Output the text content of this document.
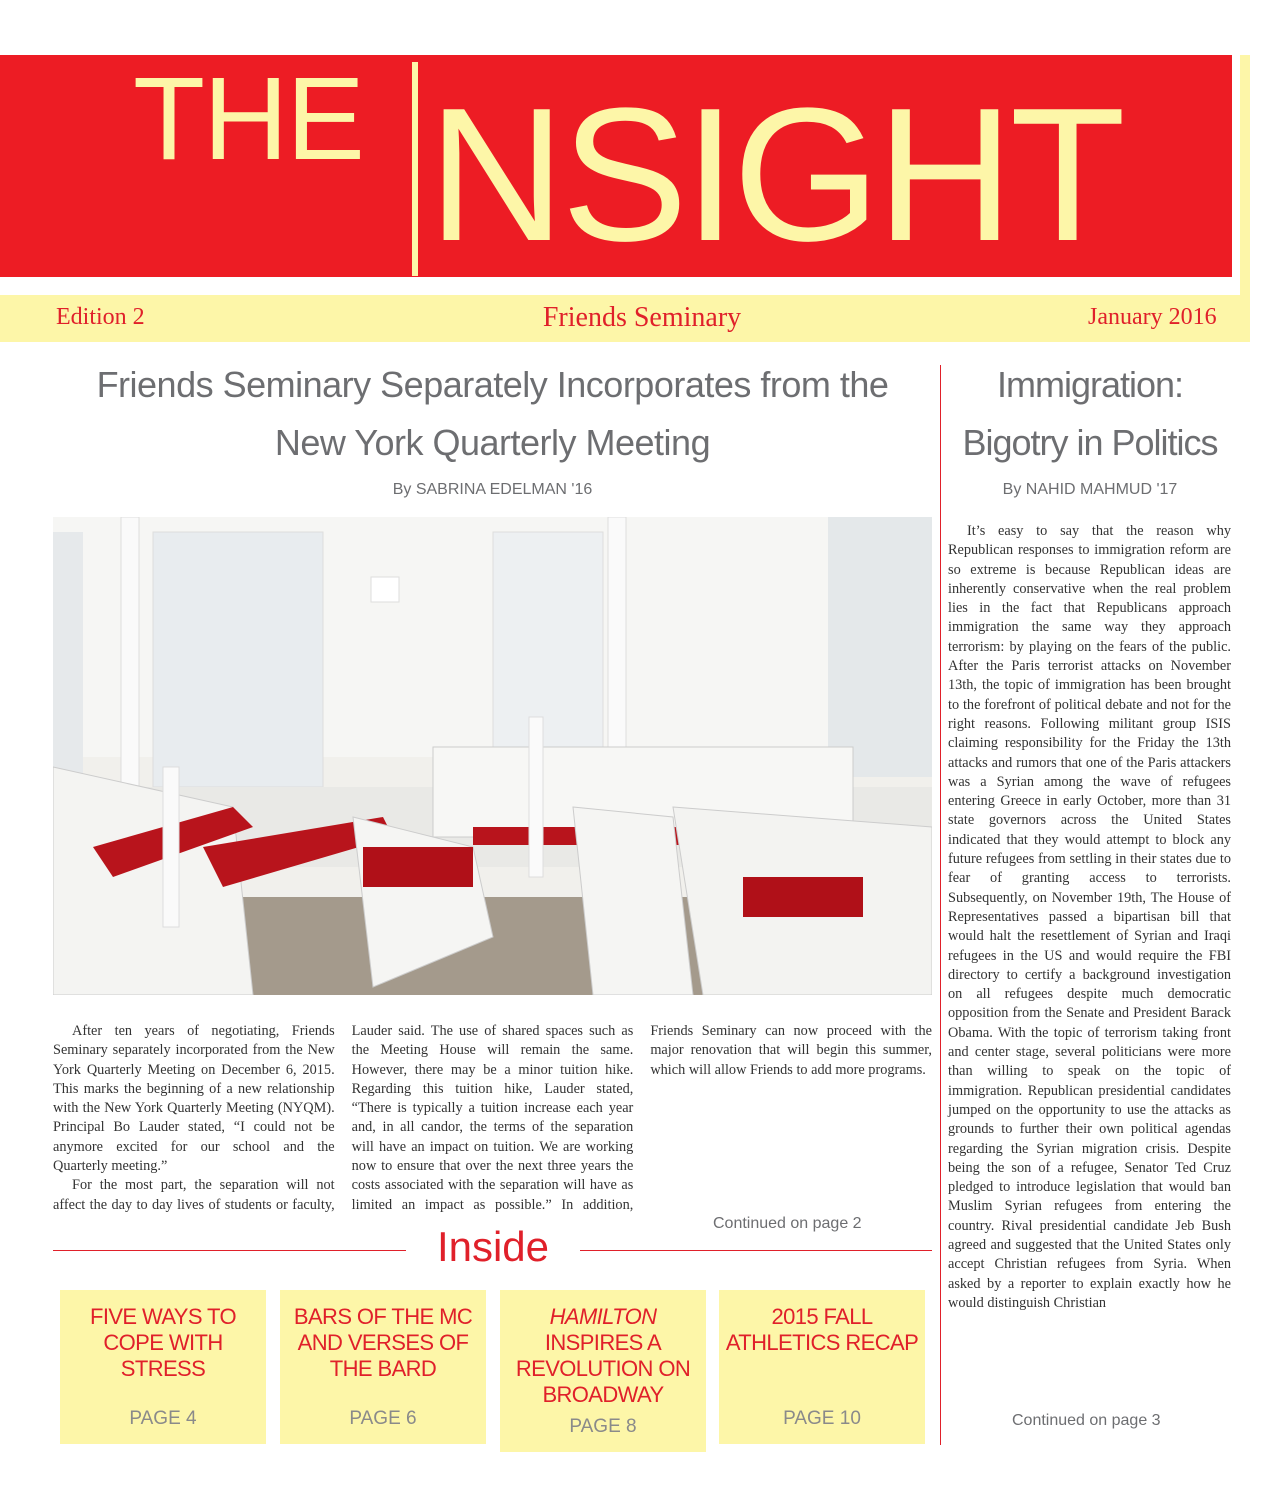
THE NSIGHT
Edition 2	Friends Seminary	January 2016
Friends Seminary Separately Incorporates from the
New York Quarterly Meeting
By SABRINA EDELMAN '16

After ten years of negotiating, Friends Seminary separately incorporated from the New York Quarterly Meeting on December 6, 2015. This marks the beginning of a new relationship with the New York Quarterly Meeting (NYQM). Principal Bo Lauder stated, “I could not be anymore excited for our school and the Quarterly meeting.”

For the most part, the separation will not affect the day to day lives of students or faculty, Lauder said. The use of shared spaces such as the Meeting House will remain the same. However, there may be a minor tuition hike. Regarding this tuition hike, Lauder stated, “There is typically a tuition increase each year and, in all candor, the terms of the separation will have an impact on tuition. We are working now to ensure that over the next three years the costs associated with the separation will have as limited an impact as possible.” In addition, Friends Seminary can now proceed with the major renovation that will begin this summer, which will allow Friends to add more programs.

Continued on page 2
Inside
FIVE WAYS TO COPE WITH STRESS
PAGE 4
BARS OF THE MC AND VERSES OF THE BARD
PAGE 6
HAMILTON INSPIRES A REVOLUTION ON BROADWAY
PAGE 8
2015 FALL ATHLETICS RECAP
PAGE 10
Immigration:
Bigotry in Politics
By NAHID MAHMUD '17

It’s easy to say that the reason why Republican responses to immigration reform are so extreme is because Republican ideas are inherently conservative when the real problem lies in the fact that Republicans approach immigration the same way they approach terrorism: by playing on the fears of the public. After the Paris terrorist attacks on November 13th, the topic of immigration has been brought to the forefront of political debate and not for the right reasons. Following militant group ISIS claiming responsibility for the Friday the 13th attacks and rumors that one of the Paris attackers was a Syrian among the wave of refugees entering Greece in early October, more than 31 state governors across the United States indicated that they would attempt to block any future refugees from settling in their states due to fear of granting access to terrorists. Subsequently, on November 19th, The House of Representatives passed a bipartisan bill that would halt the resettlement of Syrian and Iraqi refugees in the US and would require the FBI directory to certify a background investigation on all refugees despite much democratic opposition from the Senate and President Barack Obama. With the topic of terrorism taking front and center stage, several politicians were more than willing to speak on the topic of immigration. Republican presidential candidates jumped on the opportunity to use the attacks as grounds to further their own political agendas regarding the Syrian migration crisis. Despite being the son of a refugee, Senator Ted Cruz pledged to introduce legislation that would ban Muslim Syrian refugees from entering the country. Rival presidential candidate Jeb Bush agreed and suggested that the United States only accept Christian refugees from Syria. When asked by a reporter to explain exactly how he would distinguish Christian

Continued on page 3
